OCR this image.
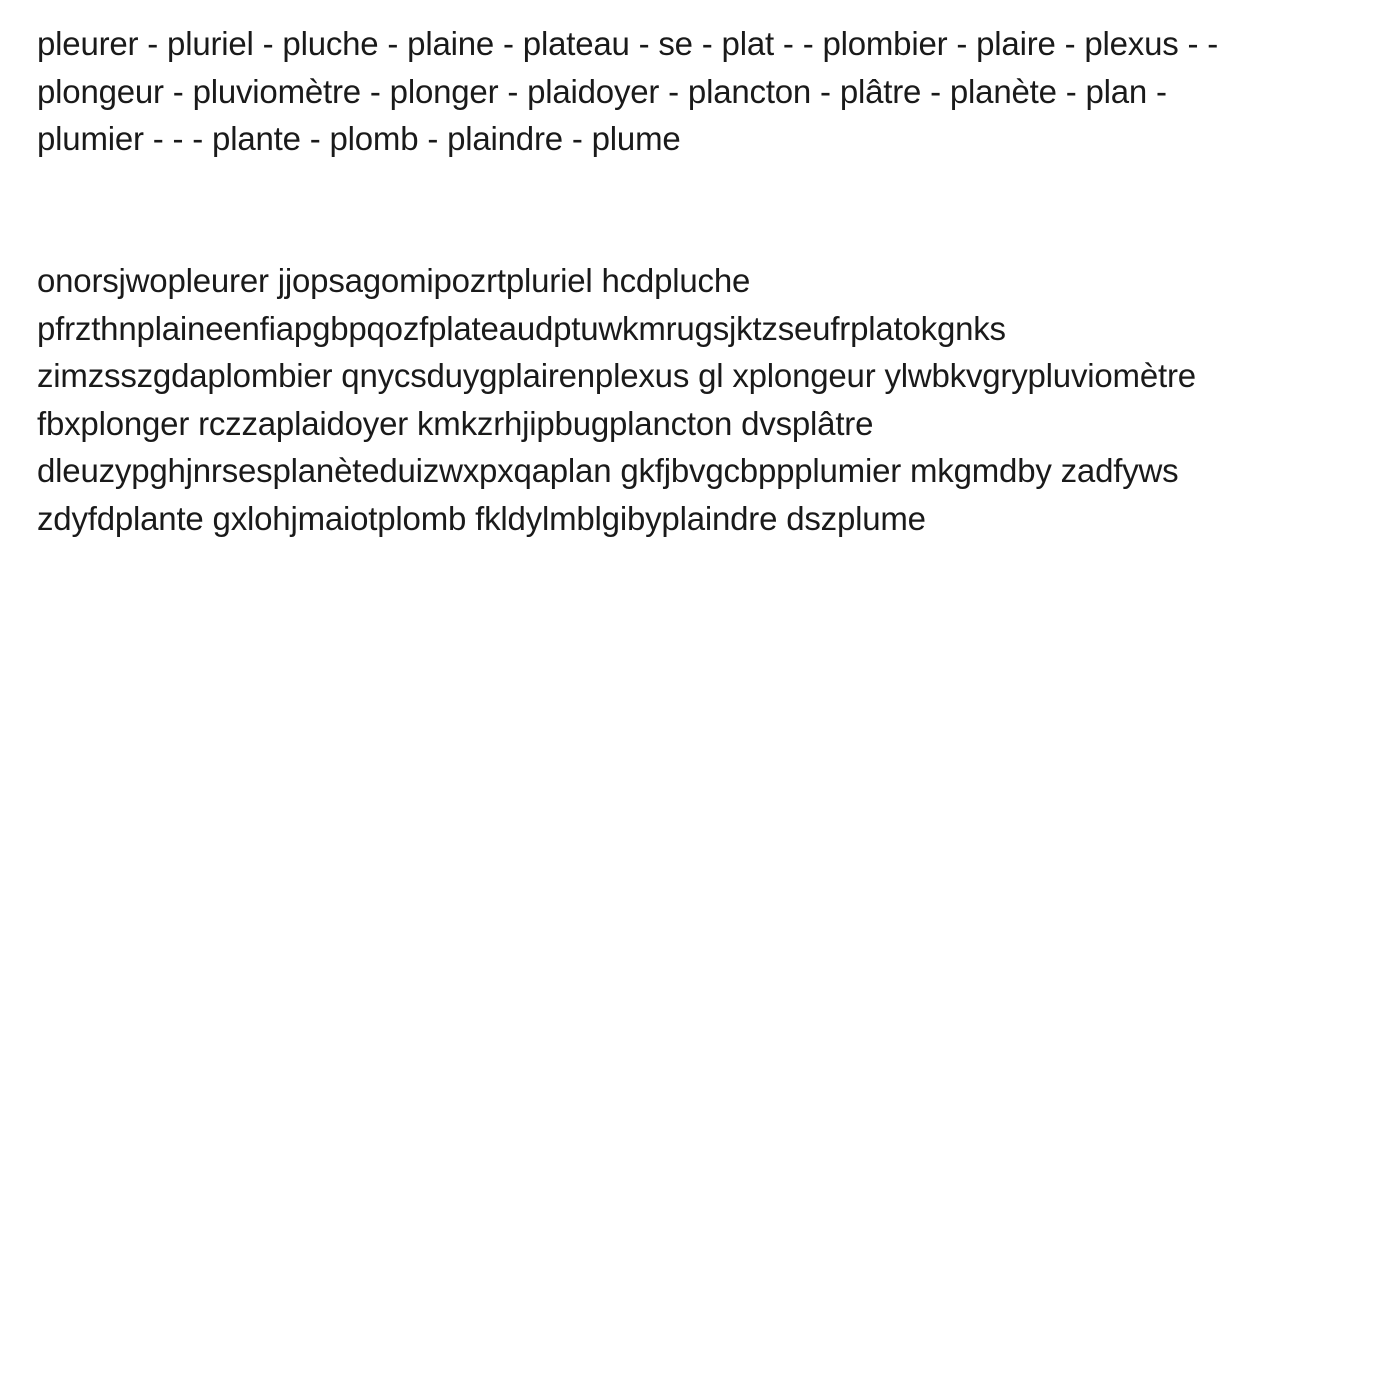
pleurer - pluriel - pluche - plaine - plateau - se - plat - - plombier - plaire - plexus - -
plongeur - pluviomètre - plonger - plaidoyer - plancton - plâtre - planète - plan -
plumier - - - plante - plomb - plaindre - plume
onorsjwopleurer jjopsagomipozrtpluriel hcdpluche
pfrzthnplaineenfiapgbpqozfplateaudptuwkmrugsjktzseufrplatokgnks
zimzsszgdaplombier qnycsduygplairenplexus gl xplongeur ylwbkvgrypluviomètre
fbxplonger rczzaplaidoyer kmkzrhjipbugplancton dvsplâtre
dleuzypghjnrsesplanèteduizwxpxqaplan gkfjbvgcbppplumier mkgmdby zadfyws
zdyfdplante gxlohjmaiotplomb fkldylmblgibyplaindre dszplume
